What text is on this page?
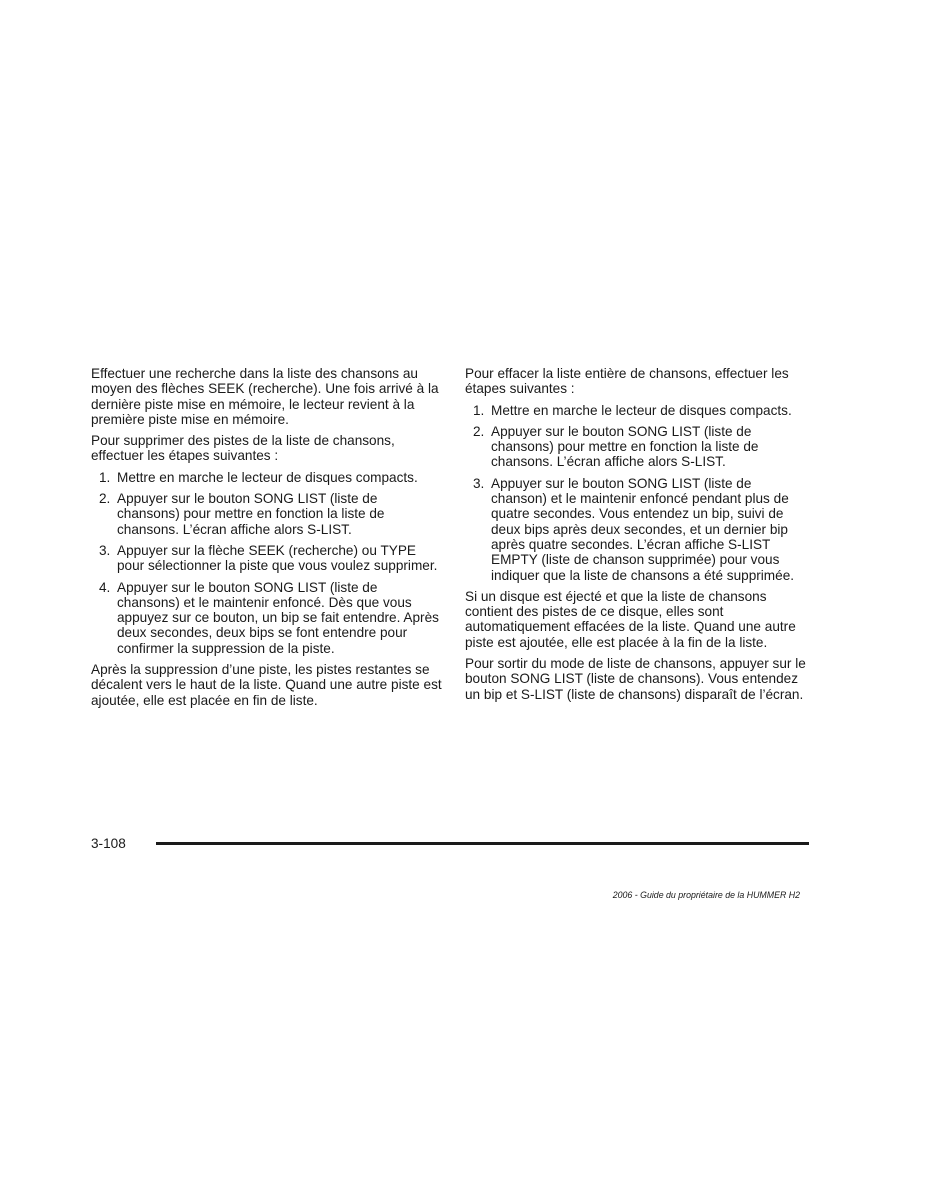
Effectuer une recherche dans la liste des chansons au moyen des flèches SEEK (recherche). Une fois arrivé à la dernière piste mise en mémoire, le lecteur revient à la première piste mise en mémoire.

Pour supprimer des pistes de la liste de chansons, effectuer les étapes suivantes :

1. Mettre en marche le lecteur de disques compacts.
2. Appuyer sur le bouton SONG LIST (liste de chansons) pour mettre en fonction la liste de chansons. L’écran affiche alors S-LIST.
3. Appuyer sur la flèche SEEK (recherche) ou TYPE pour sélectionner la piste que vous voulez supprimer.
4. Appuyer sur le bouton SONG LIST (liste de chansons) et le maintenir enfoncé. Dès que vous appuyez sur ce bouton, un bip se fait entendre. Après deux secondes, deux bips se font entendre pour confirmer la suppression de la piste.

Après la suppression d’une piste, les pistes restantes se décalent vers le haut de la liste. Quand une autre piste est ajoutée, elle est placée en fin de liste.

Pour effacer la liste entière de chansons, effectuer les étapes suivantes :

1. Mettre en marche le lecteur de disques compacts.
2. Appuyer sur le bouton SONG LIST (liste de chansons) pour mettre en fonction la liste de chansons. L’écran affiche alors S-LIST.
3. Appuyer sur le bouton SONG LIST (liste de chanson) et le maintenir enfoncé pendant plus de quatre secondes. Vous entendez un bip, suivi de deux bips après deux secondes, et un dernier bip après quatre secondes. L’écran affiche S-LIST EMPTY (liste de chanson supprimée) pour vous indiquer que la liste de chansons a été supprimée.

Si un disque est éjecté et que la liste de chansons contient des pistes de ce disque, elles sont automatiquement effacées de la liste. Quand une autre piste est ajoutée, elle est placée à la fin de la liste.

Pour sortir du mode de liste de chansons, appuyer sur le bouton SONG LIST (liste de chansons). Vous entendez un bip et S-LIST (liste de chansons) disparaît de l’écran.

3-108
2006 - Guide du propriétaire de la HUMMER H2
